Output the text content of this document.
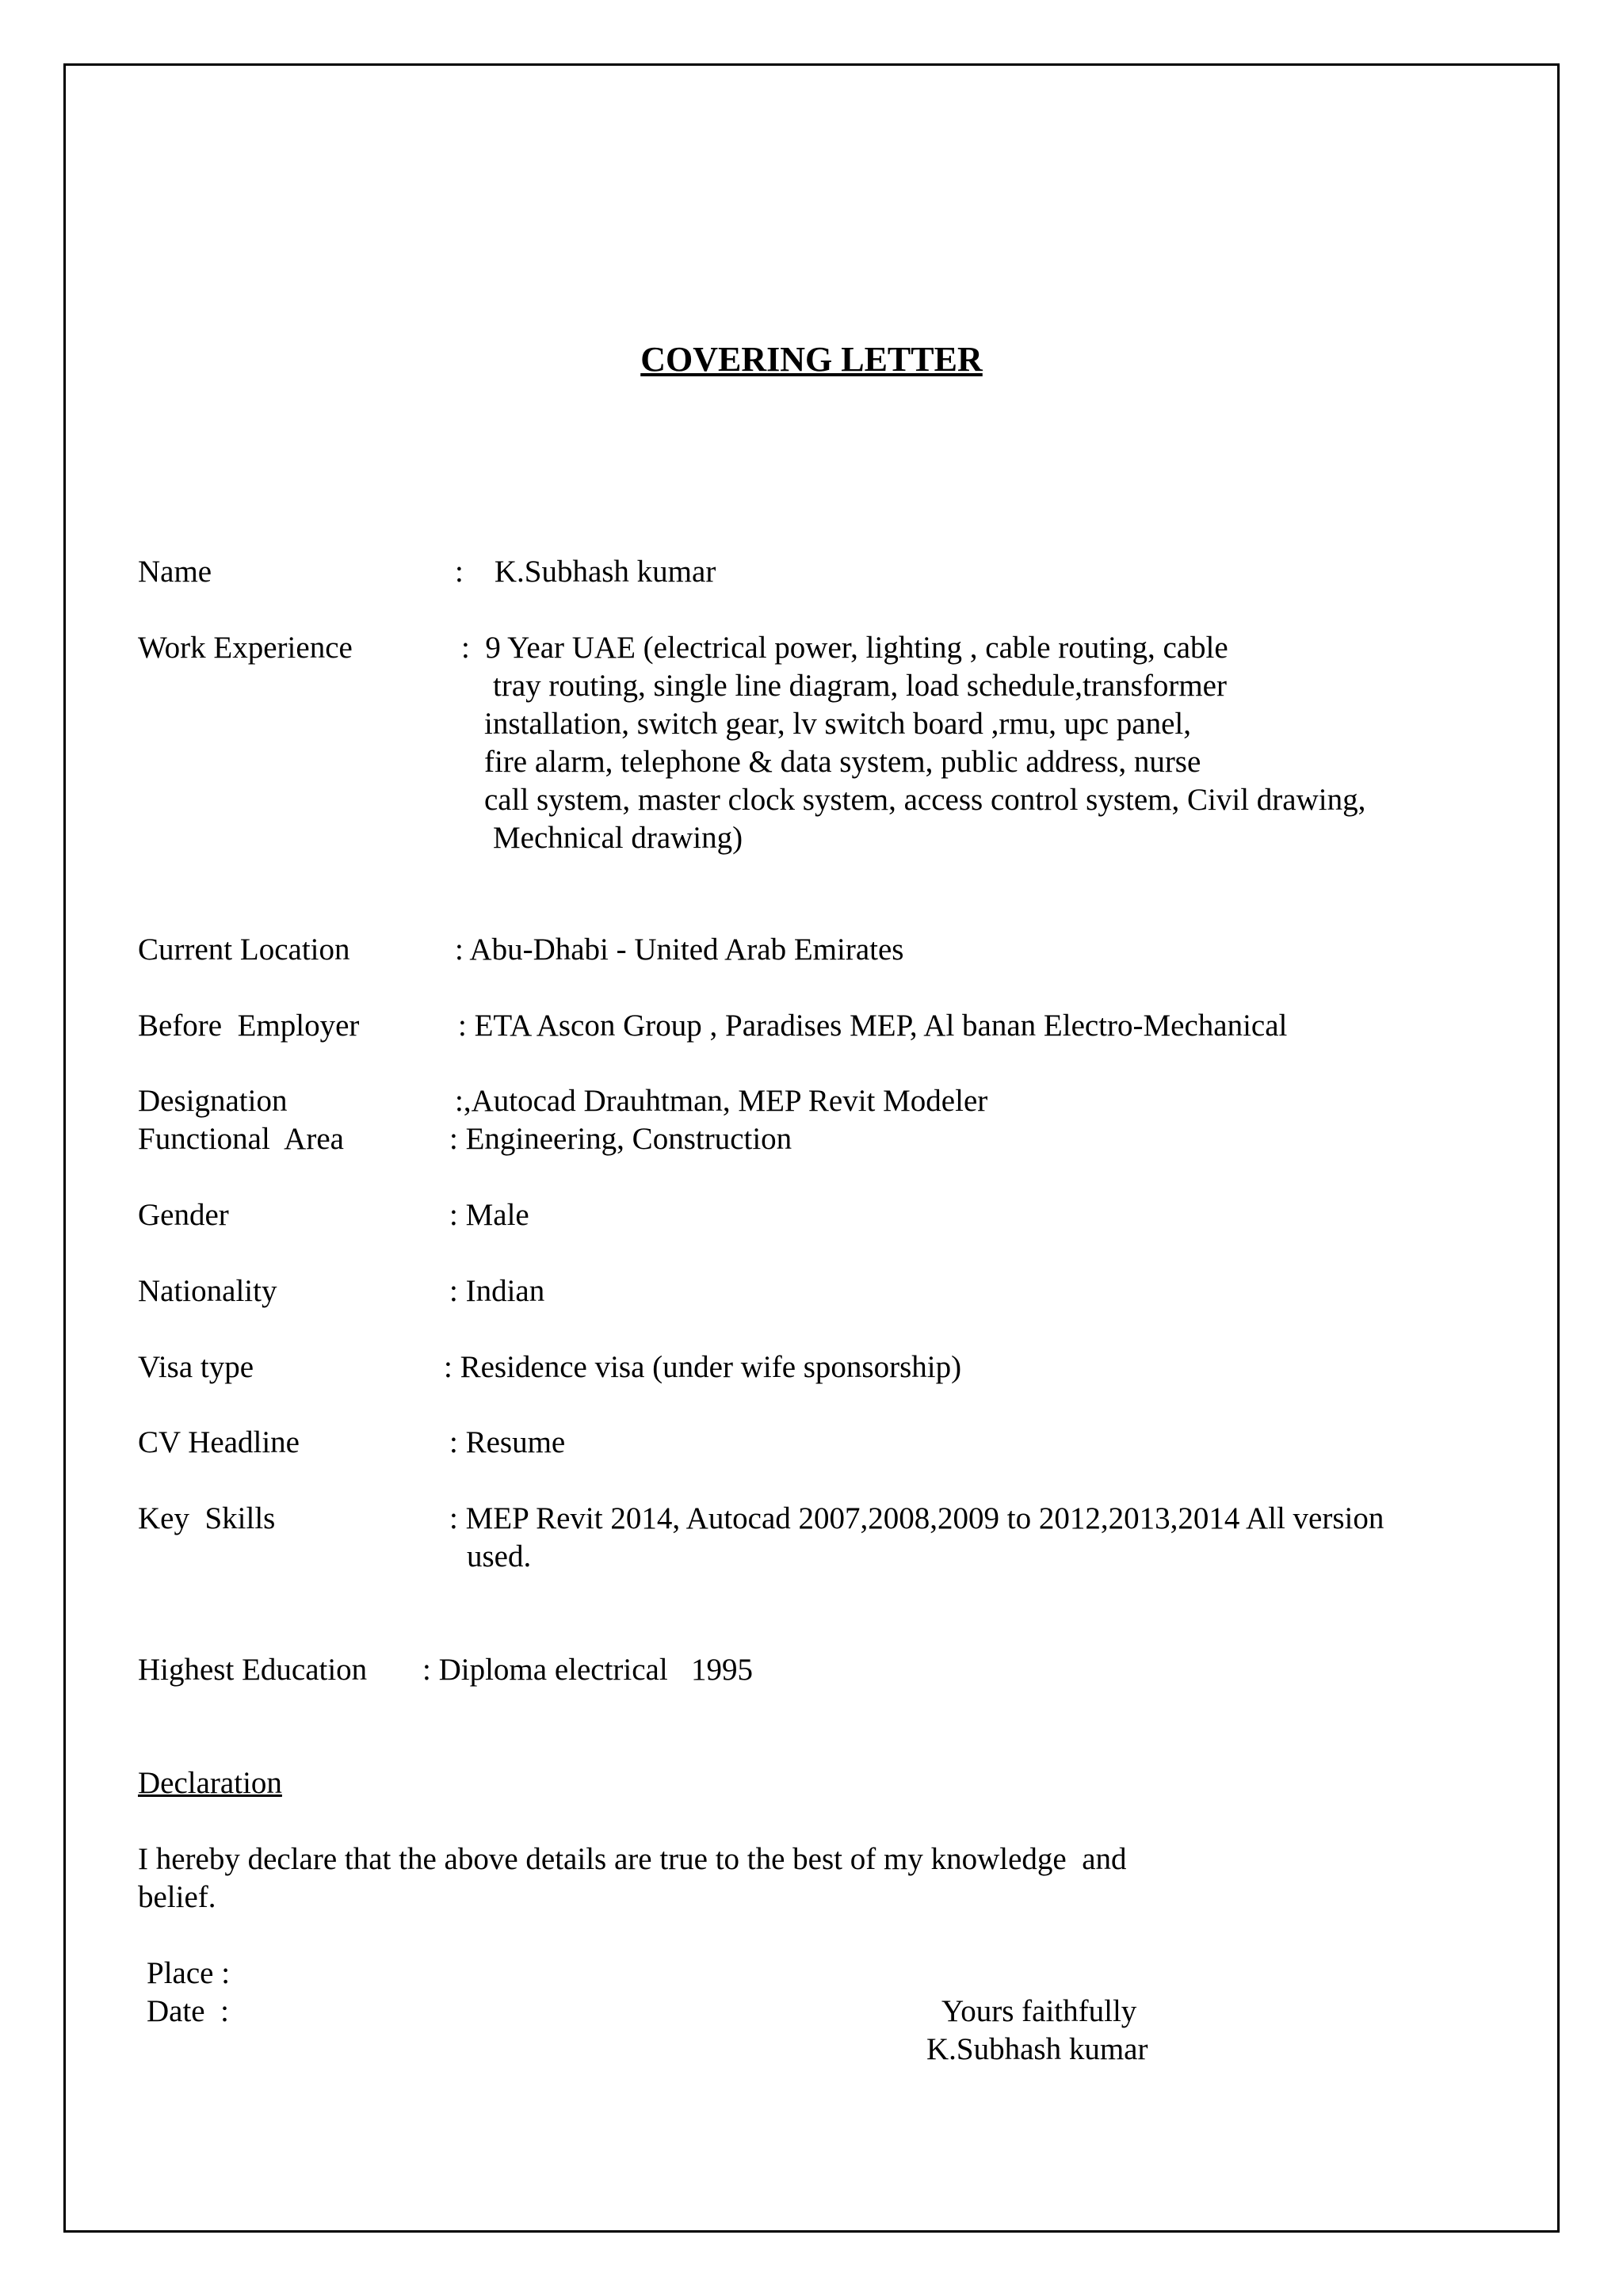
COVERING LETTER
Name	:    K.Subhash kumar
Work Experience	:  9 Year UAE (electrical power, lighting , cable routing, cable
tray routing, single line diagram, load schedule,transformer
installation, switch gear, lv switch board ,rmu, upc panel,
fire alarm, telephone & data system, public address, nurse
call system, master clock system, access control system, Civil drawing,
Mechnical drawing)
Current Location	: Abu-Dhabi - United Arab Emirates
Before  Employer	: ETA Ascon Group , Paradises MEP, Al banan Electro-Mechanical
Designation	:,Autocad Drauhtman, MEP Revit Modeler
Functional  Area	: Engineering, Construction
Gender	: Male
Nationality	: Indian
Visa type	: Residence visa (under wife sponsorship)
CV Headline	: Resume
Key  Skills	: MEP Revit 2014, Autocad 2007,2008,2009 to 2012,2013,2014 All version
used.
Highest Education : Diploma electrical   1995
Declaration
I hereby declare that the above details are true to the best of my knowledge  and
belief.
Place :
Date  :	Yours faithfully
K.Subhash kumar
